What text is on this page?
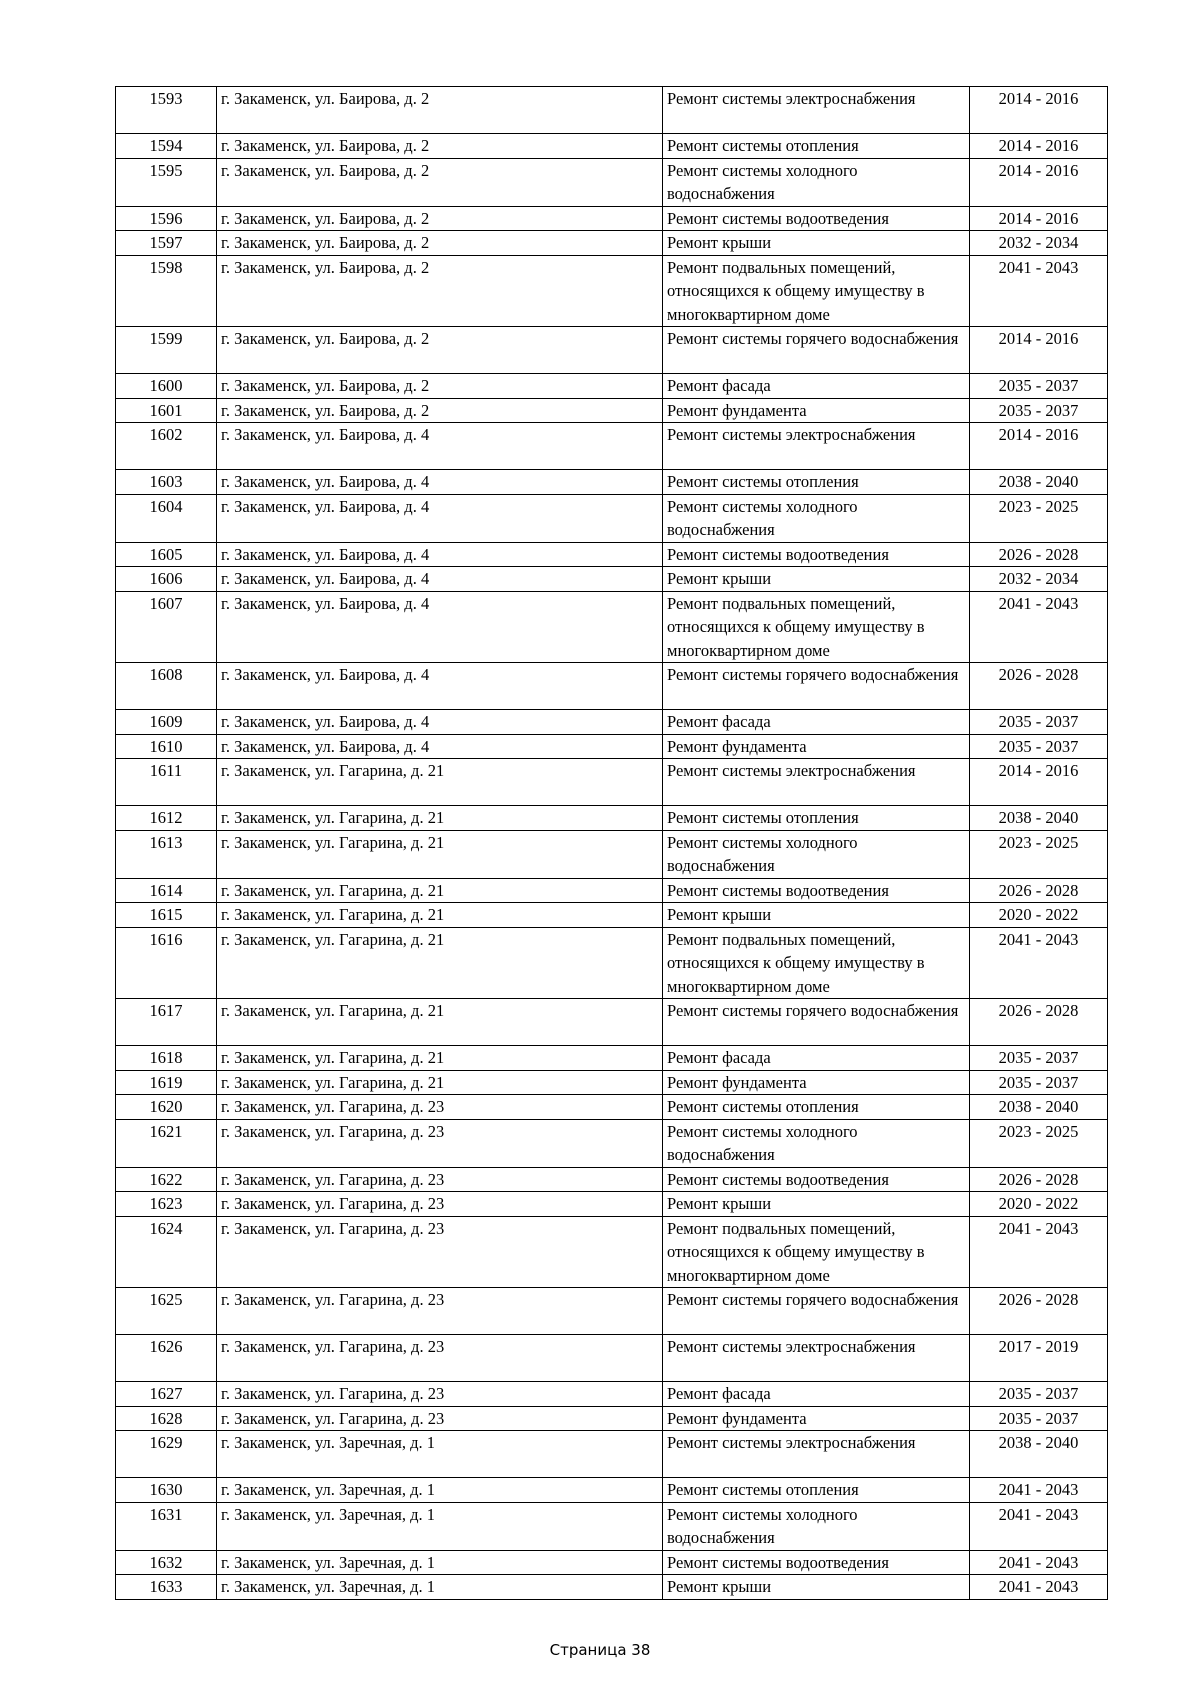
1593	г. Закаменск, ул. Баирова, д. 2	Ремонт системы электроснабжения	2014 - 2016
1594	г. Закаменск, ул. Баирова, д. 2	Ремонт системы отопления	2014 - 2016
1595	г. Закаменск, ул. Баирова, д. 2	Ремонт системы холодного водоснабжения	2014 - 2016
1596	г. Закаменск, ул. Баирова, д. 2	Ремонт системы водоотведения	2014 - 2016
1597	г. Закаменск, ул. Баирова, д. 2	Ремонт крыши	2032 - 2034
1598	г. Закаменск, ул. Баирова, д. 2	Ремонт подвальных помещений, относящихся к общему имуществу в многоквартирном доме	2041 - 2043
1599	г. Закаменск, ул. Баирова, д. 2	Ремонт системы горячего водоснабжения	2014 - 2016
1600	г. Закаменск, ул. Баирова, д. 2	Ремонт фасада	2035 - 2037
1601	г. Закаменск, ул. Баирова, д. 2	Ремонт фундамента	2035 - 2037
1602	г. Закаменск, ул. Баирова, д. 4	Ремонт системы электроснабжения	2014 - 2016
1603	г. Закаменск, ул. Баирова, д. 4	Ремонт системы отопления	2038 - 2040
1604	г. Закаменск, ул. Баирова, д. 4	Ремонт системы холодного водоснабжения	2023 - 2025
1605	г. Закаменск, ул. Баирова, д. 4	Ремонт системы водоотведения	2026 - 2028
1606	г. Закаменск, ул. Баирова, д. 4	Ремонт крыши	2032 - 2034
1607	г. Закаменск, ул. Баирова, д. 4	Ремонт подвальных помещений, относящихся к общему имуществу в многоквартирном доме	2041 - 2043
1608	г. Закаменск, ул. Баирова, д. 4	Ремонт системы горячего водоснабжения	2026 - 2028
1609	г. Закаменск, ул. Баирова, д. 4	Ремонт фасада	2035 - 2037
1610	г. Закаменск, ул. Баирова, д. 4	Ремонт фундамента	2035 - 2037
1611	г. Закаменск, ул. Гагарина, д. 21	Ремонт системы электроснабжения	2014 - 2016
1612	г. Закаменск, ул. Гагарина, д. 21	Ремонт системы отопления	2038 - 2040
1613	г. Закаменск, ул. Гагарина, д. 21	Ремонт системы холодного водоснабжения	2023 - 2025
1614	г. Закаменск, ул. Гагарина, д. 21	Ремонт системы водоотведения	2026 - 2028
1615	г. Закаменск, ул. Гагарина, д. 21	Ремонт крыши	2020 - 2022
1616	г. Закаменск, ул. Гагарина, д. 21	Ремонт подвальных помещений, относящихся к общему имуществу в многоквартирном доме	2041 - 2043
1617	г. Закаменск, ул. Гагарина, д. 21	Ремонт системы горячего водоснабжения	2026 - 2028
1618	г. Закаменск, ул. Гагарина, д. 21	Ремонт фасада	2035 - 2037
1619	г. Закаменск, ул. Гагарина, д. 21	Ремонт фундамента	2035 - 2037
1620	г. Закаменск, ул. Гагарина, д. 23	Ремонт системы отопления	2038 - 2040
1621	г. Закаменск, ул. Гагарина, д. 23	Ремонт системы холодного водоснабжения	2023 - 2025
1622	г. Закаменск, ул. Гагарина, д. 23	Ремонт системы водоотведения	2026 - 2028
1623	г. Закаменск, ул. Гагарина, д. 23	Ремонт крыши	2020 - 2022
1624	г. Закаменск, ул. Гагарина, д. 23	Ремонт подвальных помещений, относящихся к общему имуществу в многоквартирном доме	2041 - 2043
1625	г. Закаменск, ул. Гагарина, д. 23	Ремонт системы горячего водоснабжения	2026 - 2028
1626	г. Закаменск, ул. Гагарина, д. 23	Ремонт системы электроснабжения	2017 - 2019
1627	г. Закаменск, ул. Гагарина, д. 23	Ремонт фасада	2035 - 2037
1628	г. Закаменск, ул. Гагарина, д. 23	Ремонт фундамента	2035 - 2037
1629	г. Закаменск, ул. Заречная, д. 1	Ремонт системы электроснабжения	2038 - 2040
1630	г. Закаменск, ул. Заречная, д. 1	Ремонт системы отопления	2041 - 2043
1631	г. Закаменск, ул. Заречная, д. 1	Ремонт системы холодного водоснабжения	2041 - 2043
1632	г. Закаменск, ул. Заречная, д. 1	Ремонт системы водоотведения	2041 - 2043
1633	г. Закаменск, ул. Заречная, д. 1	Ремонт крыши	2041 - 2043
Страница 38
